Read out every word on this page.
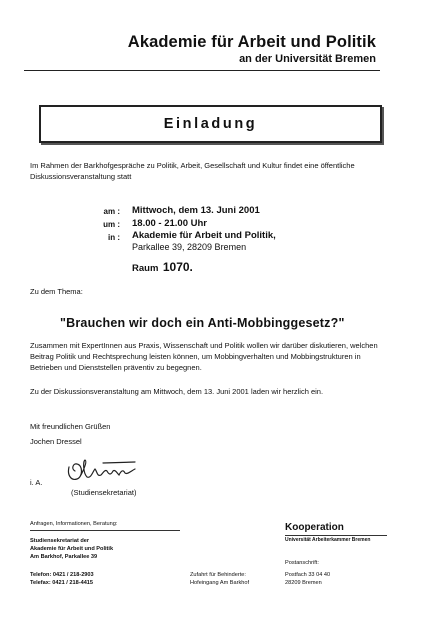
Akademie für Arbeit und Politik
an der Universität Bremen
Einladung
Im Rahmen der Barkhofgespräche zu Politik, Arbeit, Gesellschaft und Kultur findet eine öffentliche Diskussionsveranstaltung statt
am : Mittwoch, dem 13. Juni 2001
um : 18.00 - 21.00 Uhr
in : Akademie für Arbeit und Politik,
Parkallee 39, 28209 Bremen
Raum 1070.
Zu dem Thema:
"Brauchen wir doch ein Anti-Mobbinggesetz?"
Zusammen mit ExpertInnen aus Praxis, Wissenschaft und Politik wollen wir darüber diskutieren, welchen Beitrag Politik und Rechtsprechung leisten können, um Mobbingverhalten und Mobbingstrukturen in Betrieben und Dienststellen präventiv zu begegnen.
Zu der Diskussionsveranstaltung am Mittwoch, dem 13. Juni 2001 laden wir herzlich ein.
Mit freundlichen Grüßen
Jochen Dressel
i. A.
(Studiensekretariat)
Anfragen, Informationen, Beratung:
Studiensekretariat der
Akademie für Arbeit und Politik
Am Barkhof, Parkallee 39
Telefon: 0421 / 218-2903
Telefax: 0421 / 218-4415
Zufahrt für Behinderte:
Hofeingang Am Barkhof
Kooperation
Universität Arbeiterkammer Bremen
Postanschrift:
Postfach 33 04 40
28209 Bremen
